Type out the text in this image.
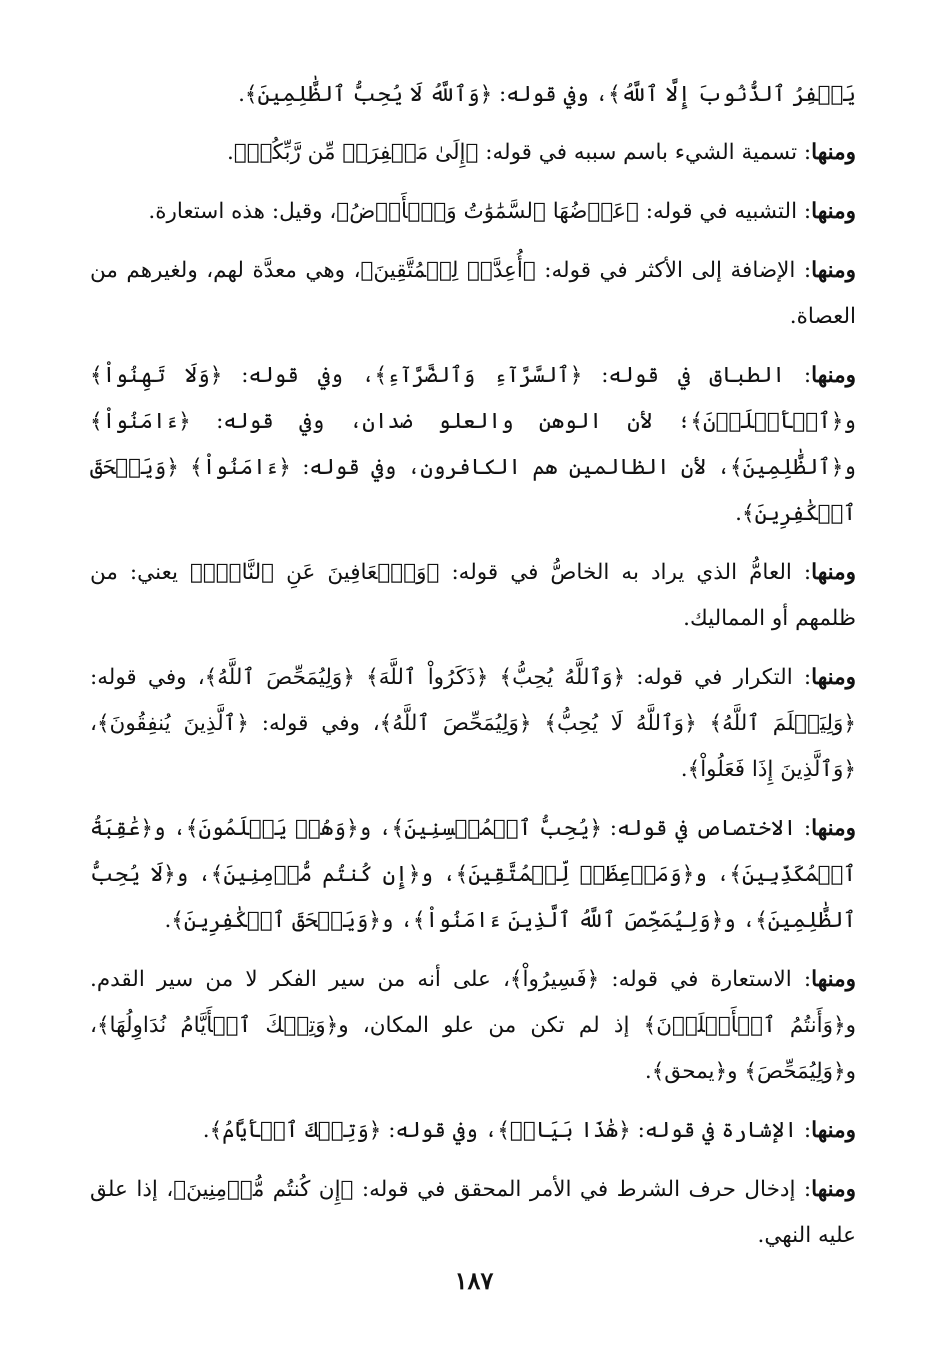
يَغۡفِرُ ٱلذُّنُوبَ إِلَّا ٱللَّهُ﴾، وفي قوله: ﴿وَٱللَّهُ لَا يُحِبُّ ٱلظَّٰلِمِينَ﴾.

ومنها: تسمية الشيء باسم سببه في قوله: ﴿إِلَىٰ مَغۡفِرَةٖ مِّن رَّبِّكُمۡ﴾.

ومنها: التشبيه في قوله: ﴿عَرۡضُهَا ٱلسَّمَٰوَٰتُ وَٱلۡأَرۡضُ﴾، وقيل: هذه استعارة.

ومنها: الإضافة إلى الأكثر في قوله: ﴿أُعِدَّتۡ لِلۡمُتَّقِينَ﴾، وهي معدَّة لهم، ولغيرهم من العصاة.

ومنها: الطباق في قوله: ﴿ٱلسَّرَّآءِ وَٱلضَّرَّآءِ﴾، وفي قوله: ﴿وَلَا تَهِنُواْ﴾ و﴿ٱلۡأَعۡلَوۡنَ﴾؛ لأن الوهن والعلو ضدان، وفي قوله: ﴿ءَامَنُواْ﴾ و﴿ٱلظَّٰلِمِينَ﴾، لأن الظالمين هم الكافرون، وفي قوله: ﴿ءَامَنُواْ﴾ ﴿وَيَمۡحَقَ ٱلۡكَٰفِرِينَ﴾.

ومنها: العامُّ الذي يراد به الخاصُّ في قوله: ﴿وَٱلۡعَافِينَ عَنِ ٱلنَّاسِۗ﴾ يعني: من ظلمهم أو المماليك.

ومنها: التكرار في قوله: ﴿وَٱللَّهُ يُحِبُّ﴾ ﴿ذَكَرُواْ ٱللَّهَ﴾ ﴿وَلِيُمَحِّصَ ٱللَّهُ﴾، وفي قوله: ﴿وَلِيَعۡلَمَ ٱللَّهُ﴾ ﴿وَٱللَّهُ لَا يُحِبُّ﴾ ﴿وَلِيُمَحِّصَ ٱللَّهُ﴾، وفي قوله: ﴿ٱلَّذِينَ يُنفِقُونَ﴾، ﴿وَٱلَّذِينَ إِذَا فَعَلُواْ﴾.

ومنها: الاختصاص في قوله: ﴿يُحِبُّ ٱلۡمُحۡسِنِينَ﴾، و﴿وَهُمۡ يَعۡلَمُونَ﴾، و﴿عَٰقِبَةُ ٱلۡمُكَذِّبِينَ﴾، و﴿وَمَوۡعِظَةٞ لِّلۡمُتَّقِينَ﴾، و﴿إِن كُنتُم مُّؤۡمِنِينَ﴾، و﴿لَا يُحِبُّ ٱلظَّٰلِمِينَ﴾، و﴿وَلِيُمَحِّصَ ٱللَّهُ ٱلَّذِينَ ءَامَنُواْ﴾، و﴿وَيَمۡحَقَ ٱلۡكَٰفِرِينَ﴾.

ومنها: الاستعارة في قوله: ﴿فَسِيرُواْ﴾، على أنه من سير الفكر لا من سير القدم. و﴿وَأَنتُمُ ٱلۡأَعۡلَوۡنَ﴾ إذ لم تكن من علو المكان، و﴿وَتِلۡكَ ٱلۡأَيَّامُ نُدَاوِلُهَا﴾، و﴿وَلِيُمَحِّصَ﴾ و﴿يمحق﴾.

ومنها: الإشارة في قوله: ﴿هَٰذَا بَيَانٞ﴾، وفي قوله: ﴿وَتِلۡكَ ٱلۡأَيَّامُ﴾.

ومنها: إدخال حرف الشرط في الأمر المحقق في قوله: ﴿إِن كُنتُم مُّؤۡمِنِينَ﴾، إذا علق عليه النهي.

١٨٧
